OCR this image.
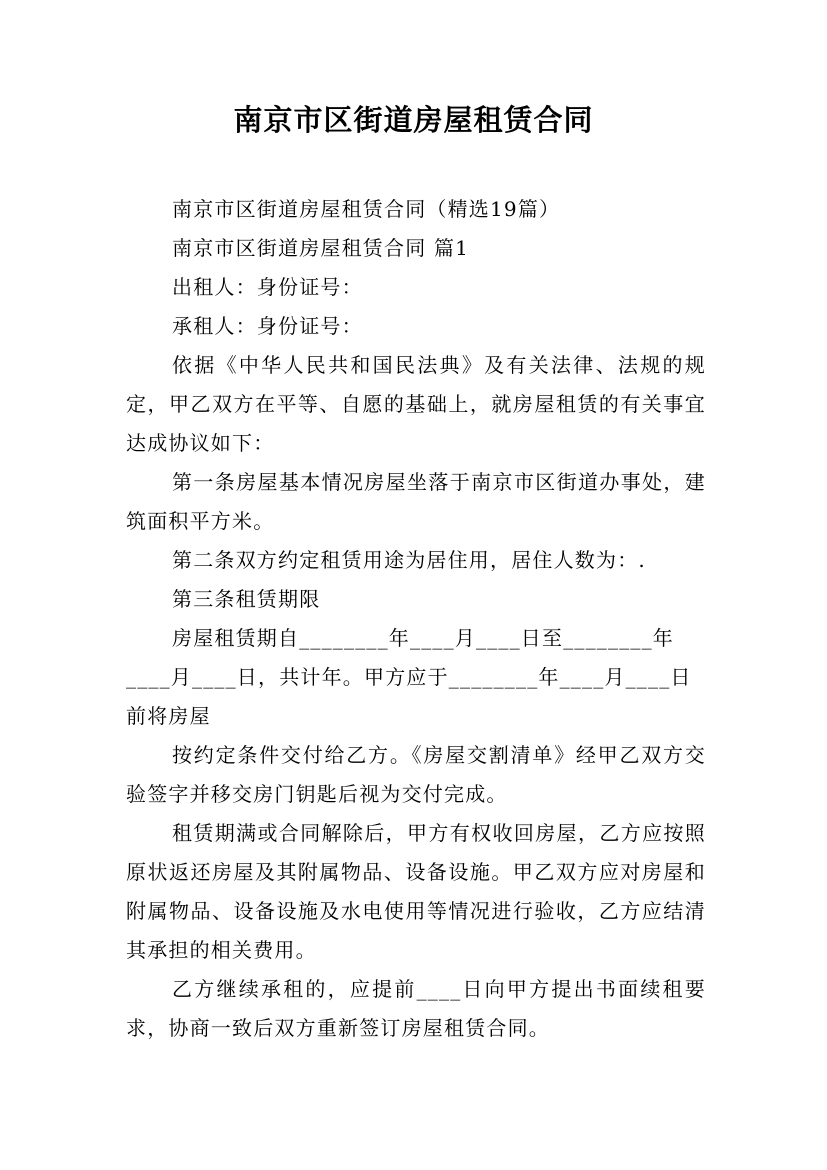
南京市区街道房屋租赁合同

南京市区街道房屋租赁合同（精选19篇）

南京市区街道房屋租赁合同 篇1

出租人：身份证号：

承租人：身份证号：

依据《中华人民共和国民法典》及有关法律、法规的规定，甲乙双方在平等、自愿的基础上，就房屋租赁的有关事宜达成协议如下：

第一条房屋基本情况房屋坐落于南京市区街道办事处，建筑面积平方米。

第二条双方约定租赁用途为居住用，居住人数为：.

第三条租赁期限

房屋租赁期自________年____月____日至________年

____月____日，共计年。甲方应于________年____月____日

前将房屋

按约定条件交付给乙方。《房屋交割清单》经甲乙双方交验签字并移交房门钥匙后视为交付完成。

租赁期满或合同解除后，甲方有权收回房屋，乙方应按照原状返还房屋及其附属物品、设备设施。甲乙双方应对房屋和附属物品、设备设施及水电使用等情况进行验收，乙方应结清其承担的相关费用。

乙方继续承租的，应提前____日向甲方提出书面续租要求，协商一致后双方重新签订房屋租赁合同。
